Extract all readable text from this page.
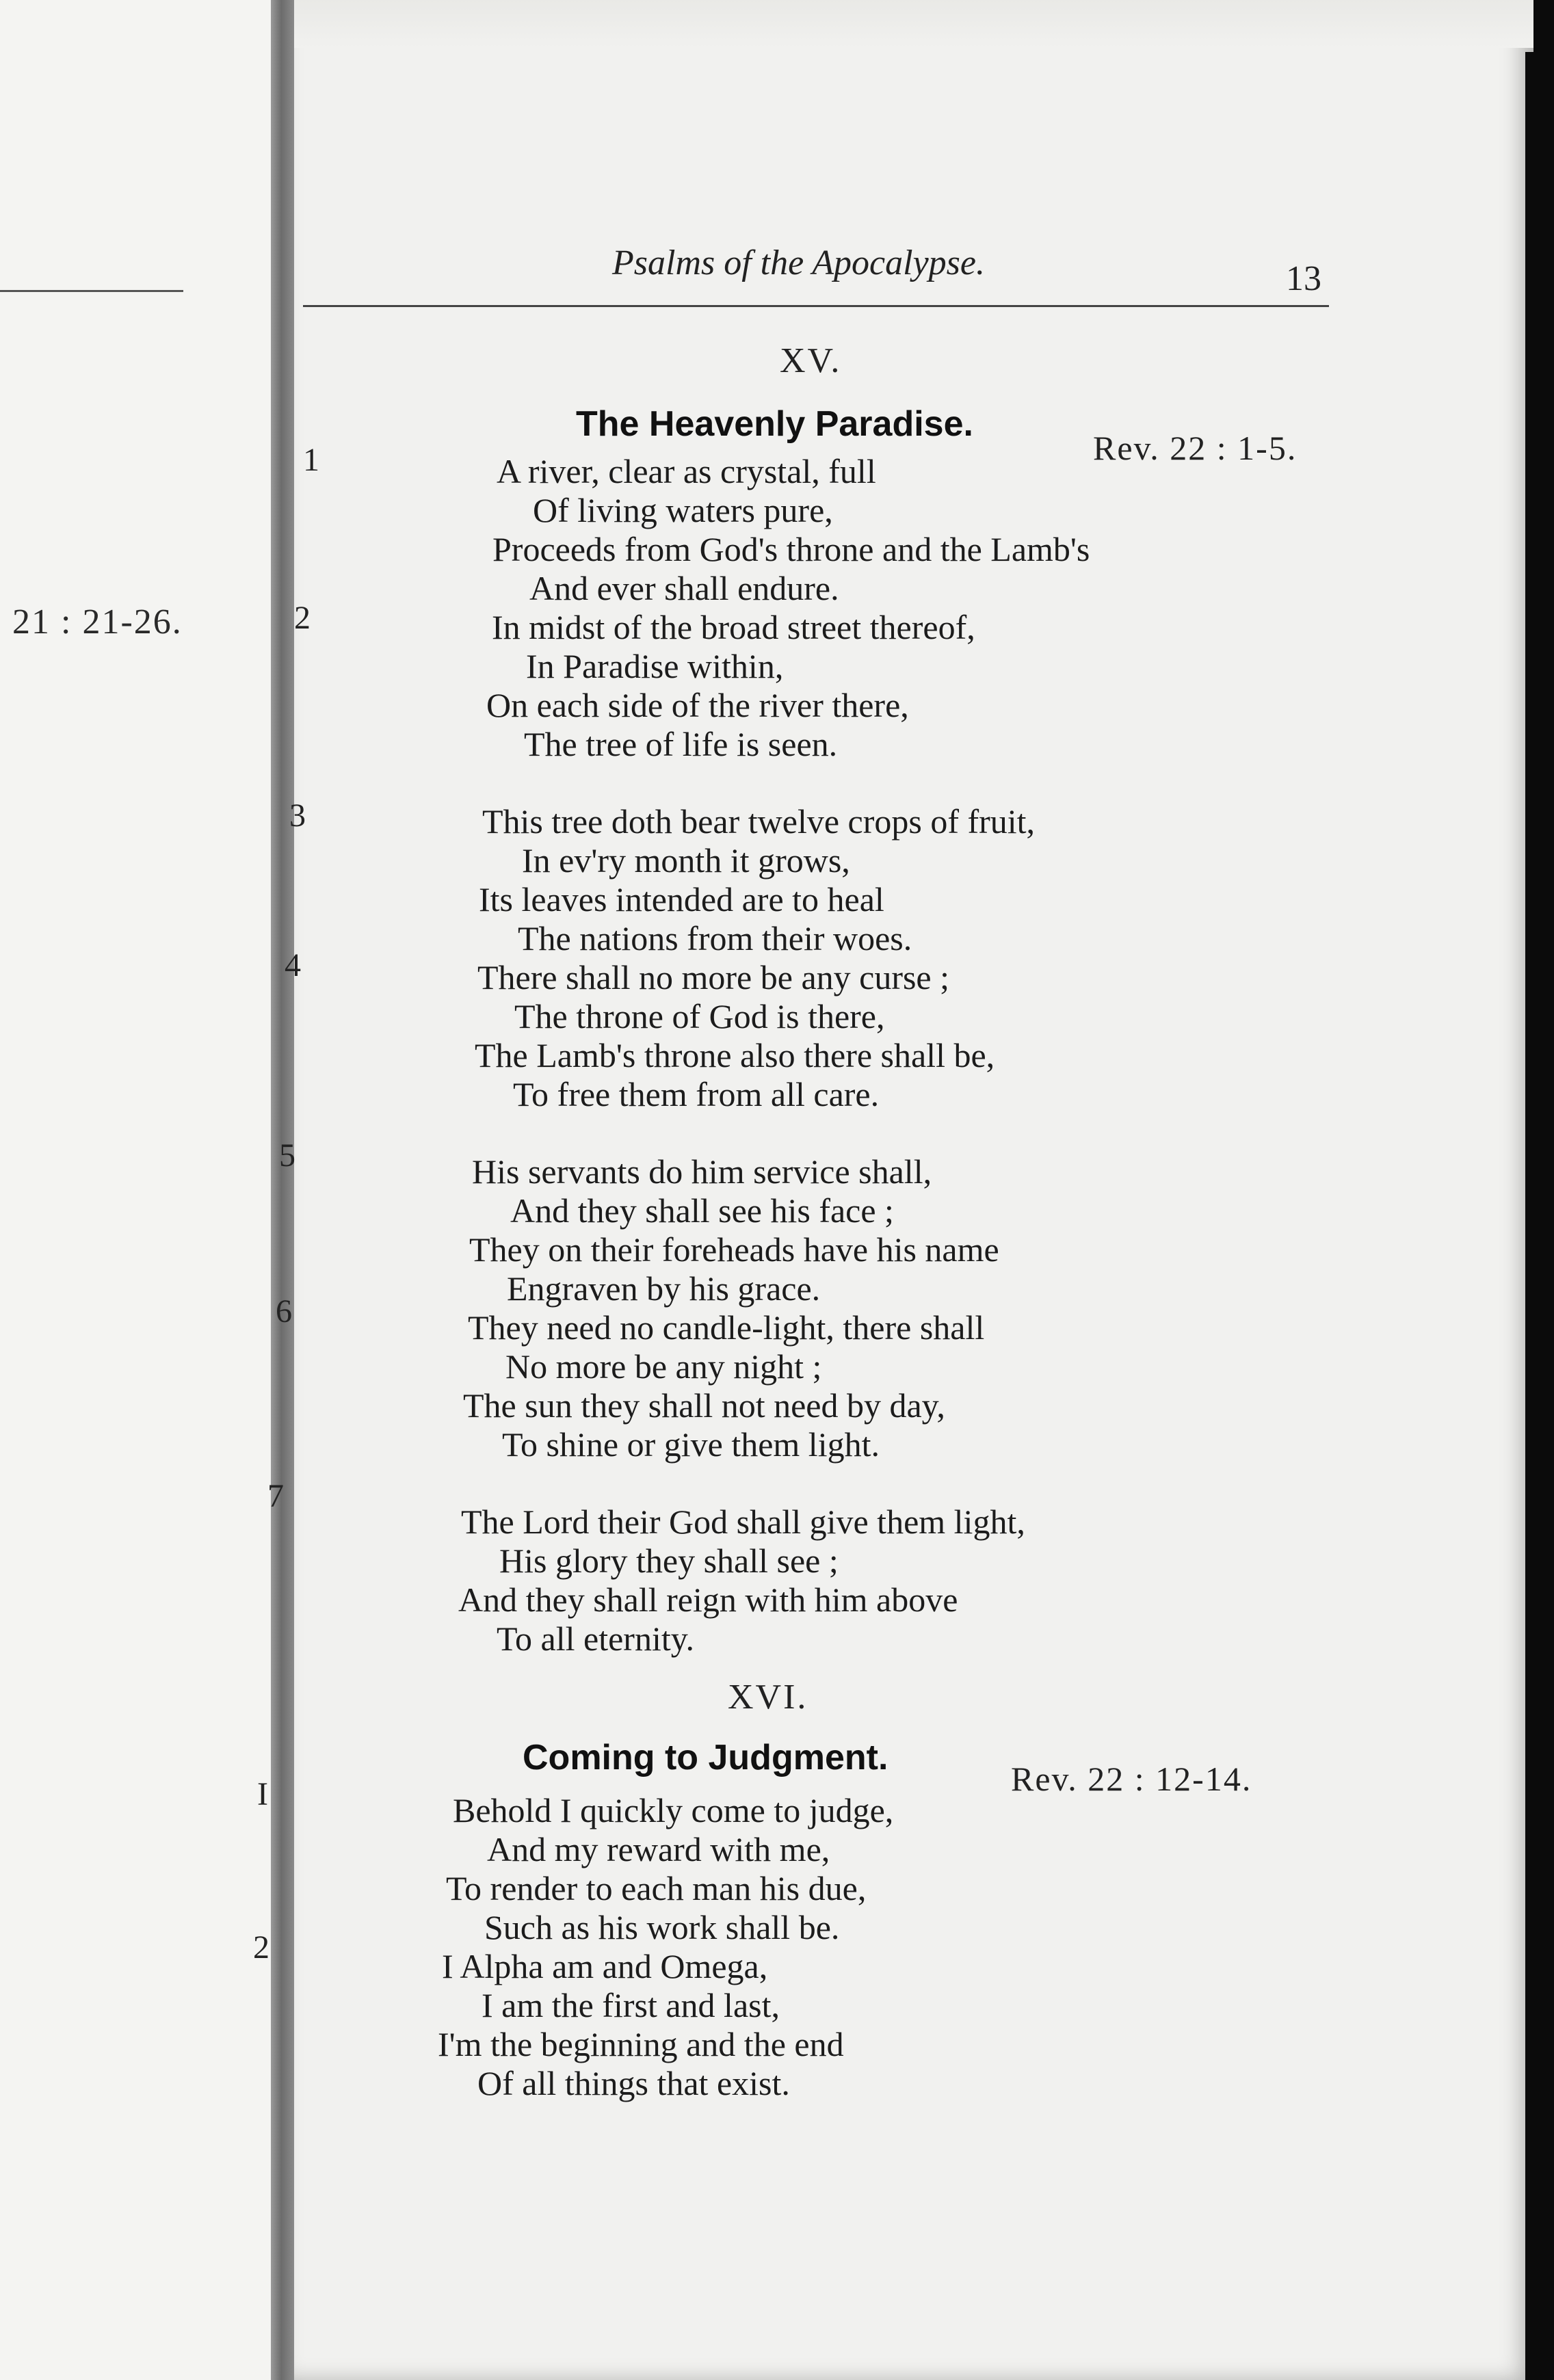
21 : 21-26.
Psalms of the Apocalypse.	13
XV.
The Heavenly Paradise.
Rev. 22 : 1-5.
1
2
3
4
5
6
7
A river, clear as crystal, full
Of living waters pure,
Proceeds from God's throne and the Lamb's
And ever shall endure.
In midst of the broad street thereof,
In Paradise within,
On each side of the river there,
The tree of life is seen.
This tree doth bear twelve crops of fruit,
In ev'ry month it grows,
Its leaves intended are to heal
The nations from their woes.
There shall no more be any curse ;
The throne of God is there,
The Lamb's throne also there shall be,
To free them from all care.
His servants do him service shall,
And they shall see his face ;
They on their foreheads have his name
Engraven by his grace.
They need no candle-light, there shall
No more be any night ;
The sun they shall not need by day,
To shine or give them light.
The Lord their God shall give them light,
His glory they shall see ;
And they shall reign with him above
To all eternity.
XVI.
Coming to Judgment.
Rev. 22 : 12-14.
I
2
Behold I quickly come to judge,
And my reward with me,
To render to each man his due,
Such as his work shall be.
I Alpha am and Omega,
I am the first and last,
I'm the beginning and the end
Of all things that exist.
